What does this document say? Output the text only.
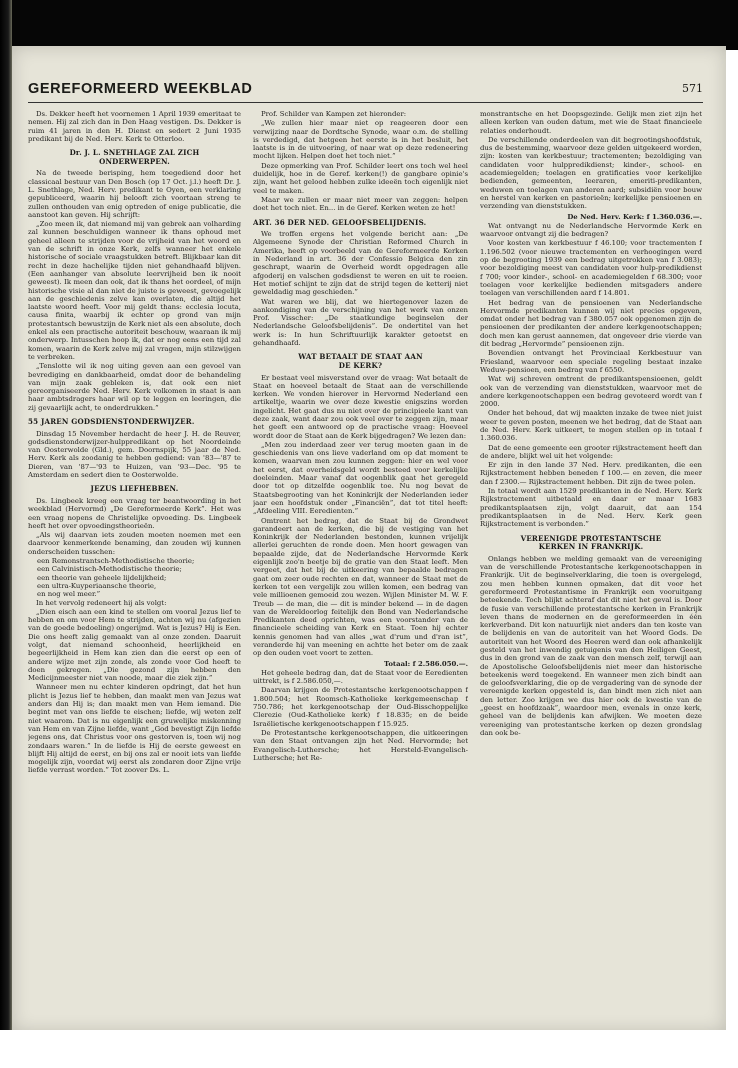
GEREFORMEERD WEEKBLAD	571

Ds. Dekker heeft het voornemen 1 April 1939 emeritaat te nemen. Hij zal zich dan in Den Haag vestigen. Ds. Dekker is ruim 41 jaren in den H. Dienst en sedert 2 Juni 1935 predikant bij de Ned. Herv. Kerk te Otterloo.

Dr. J. L. SNETHLAGE ZAL ZICH
ONDERWERPEN.

Na de tweede berisping, hem toegediend door het classicaal bestuur van Den Bosch (op 17 Oct. j.l.) heeft Dr. J. L. Snethlage, Ned. Herv. predikant te Oyen, een verklaring gepubliceerd, waarin hij belooft zich voortaan streng te zullen onthouden van enig optreden of enige publicatie, die aanstoot kan geven. Hij schrijft:

„Zoo meen ik, dat niemand mij van gebrek aan volharding zal kunnen beschuldigen wanneer ik thans ophoud met geheel alleen te strijden voor de vrijheid van het woord en van de schrift in onze Kerk, zelfs wanneer het enkele historische of sociale vraagstukken betreft. Blijkbaar kan dit recht in deze hachelijke tijden niet gehandhaafd blijven. (Een aanhanger van absolute leervrijheid ben ik nooit geweest). Ik meen dan ook, dat ik thans het oordeel, of mijn historische visie al dan niet de juiste is geweest, gevoegelijk aan de geschiedenis zelve kan overlaten, die altijd het laatste woord heeft. Voor mij geldt thans: ecclesia locuta, causa finita, waarbij ik echter op grond van mijn protestantsch bewustzijn de Kerk niet als een absolute, doch enkel als een practische autoriteit beschouw, waaraan ik mij onderwerp. Intusschen hoop ik, dat er nog eens een tijd zal komen, waarin de Kerk zelve mij zal vragen, mijn stilzwijgen te verbreken.

„Tenslotte wil ik nog uiting geven aan een gevoel van bevrediging en dankbaarheid, omdat door de behandeling van mijn zaak gebleken is, dat ook een niet gereorganiseerde Ned. Herv. Kerk volkomen in staat is aan haar ambtsdragers haar wil op te leggen en leeringen, die zij gevaarlijk acht, te onderdrukken.”

55 JAREN GODSDIENSTONDERWIJZER.

Dinsdag 15 November herdacht de heer J. H. de Reuver, godsdienstonderwijzer-hulppredikant op het Noordeinde van Oosterwolde (Gld.), gem. Doornspijk, 55 jaar de Ned. Herv. Kerk als zoodanig te hebben gediend: van '83—'87 te Dieren, van '87—'93 te Huizen, van '93—Dec. '95 te Amsterdam en sedert dien te Oosterwolde.

JEZUS LIEFHEBBEN.

Ds. Lingbeek kreeg een vraag ter beantwoording in het weekblad (Hervormd) „De Gereformeerde Kerk”. Het was een vraag nopens de Christelijke opvoeding. Ds. Lingbeek heeft het over opvoedingstheorieën.

„Als wij daarvan iets zouden moeten noemen met een daarvoor kenmerkende benaming, dan zouden wij kunnen onderscheiden tusschen:

een Remonstrantsch-Methodistische theorie;

een Calvinistisch-Methodistische theorie;

een theorie van geheele lijdelijkheid;

een ultra-Kuyperiaansche theorie,

en nog wel meer.”

In het vervolg redeneert hij als volgt:

„Dien eisch aan een kind te stellen om vooral Jezus lief te hebben en om voor Hem te strijden, achten wij nu (afgezien van de goede bedoeling) ongerijmd. Wat is Jezus? Hij is Een. Die ons heeft zalig gemaakt van al onze zonden. Daaruit volgt, dat niemand schoonheid, heerlijkheid en begeerlijkheid in Hem kan zien dan die eerst op een of andere wijze met zijn zonde, als zonde voor God heeft te doen gekregen. „Die gezond zijn hebben den Medicijnmeester niet van noode, maar die ziek zijn.”

Wanneer men nu echter kinderen opdringt, dat het hun plicht is Jezus lief te hebben, dan maakt men van Jezus wat anders dan Hij is; dan maakt men van Hem iemand. Die begint met van ons liefde te eischen; liefde, wij weten zelf niet waarom. Dat is nu eigenlijk een gruwelijke miskenning van Hem en van Zijne liefde, want „God bevestigt Zijn liefde jegens ons, dat Christus voor ons gestorven is, toen wij nog zondaars waren.” In de liefde is Hij de eerste geweest en blijft Hij altijd de eerst, en bij ons zal er nooit iets van liefde mogelijk zijn, voordat wij eerst als zondaren door Zijne vrije liefde verrast worden.” Tot zoover Ds. L.

Prof. Schilder van Kampen zet hieronder:

„We zullen hier maar niet op reageeren door een verwijzing naar de Dordtsche Synode, waar o.m. de stelling is verdedigd, dat hetgeen het eerste is in het besluit, het laatste is in de uitvoering, of naar wat op deze redeneering mocht lijken. Helpen doet het toch niet.”

Deze opmerking van Prof. Schilder leert ons toch wel heel duidelijk, hoe in de Geref. kerken(!) de gangbare opinie's zijn, want het gelood hebben zulke ideeën toch eigenlijk niet veel te maken.

Maar we zullen er maar niet meer van zeggen: helpen doet het toch niet. En... in de Geref. Kerken weten ze het!

ART. 36 DER NED. GELOOFSBELIJDENIS.

We troffen ergens het volgende bericht aan: „De Algemeene Synode der Christian Reformed Church in Amerika, heeft op voorbeeld van de Gereformeerde Kerken in Nederland in art. 36 der Confessio Belgica den zin geschrapt, waarin de Overheid wordt opgedragen alle afgoderij en valschen godsdienst te weren en uit te roeien. Het motief schijnt te zijn dat de strijd tegen de ketterij niet geweldadig mag geschieden.”

Wat waren we blij, dat we hiertegenover lazen de aankondiging van de verschijning van het werk van onzen Prof. Visscher: „De staatkundige beginselen der Nederlandsche Geloofsbelijdenis”. De ondertitel van het werk is: In hun Schriftuurlijk karakter getoetst en gehandhaafd.

WAT BETAALT DE STAAT AAN
DE KERK?

Er bestaat veel misverstand over de vraag: Wat betaalt de Staat en hoeveel betaalt de Staat aan de verschillende kerken. We vonden hierover in Hervormd Nederland een artikeltje, waarin we over deze kwestie enigszins worden ingelicht. Het gaat dus nu niet over de principieele kant van deze zaak, want daar zou ook veel over te zeggen zijn, maar het geeft een antwoord op de practische vraag: Hoeveel wordt door de Staat aan de Kerk bijgedragen? We lezen dan:

„Men zou inderdaad zeer ver terug moeten gaan in de geschiedenis van ons lieve vaderland om op dat moment te komen, waarvan men zou kunnen zeggen: hier en wel voor het eerst, dat overheidsgeld wordt besteed voor kerkelijke doeleinden. Maar vanaf dat oogenblik gaat het geregeld door tot op ditzelfde oogenblik toe. Nu nog bevat de Staatsbegrooting van het Koninkrijk der Nederlanden ieder jaar een hoofdstuk onder „Financiën”, dat tot titel heeft: „Afdeeling VIII. Eeredienten.”

Omtrent het bedrag, dat de Staat bij de Grondwet garandeert aan de kerken, die bij de vestiging van het Koninkrijk der Nederlanden bestonden, kunnen vrijelijk allerlei geruchten de ronde doen. Men hoort gewagen van bepaalde zijde, dat de Nederlandsche Hervormde Kerk eigenlijk zoo'n beetje bij de gratie van den Staat leeft. Men vergeet, dat het bij de uitkeering van bepaalde bedragen gaat om zeer oude rechten en dat, wanneer de Staat met de kerken tot een vergelijk zou willen komen, een bedrag van vele millioenen gemoeid zou wezen. Wijlen Minister M. W. F. Treub — de man, die — dit is minder bekend — in de dagen van de Wereldoorlog feitelijk den Bond van Nederlandsche Predikanten deed oprichten, was een voorstander van de financieele scheiding van Kerk en Staat. Toen hij echter kennis genomen had van alles „wat d'rum und d'ran ist”, veranderde hij van meening en achtte het beter om de zaak op den ouden voet voort te zetten.

Totaal: f 2.586.050.—.

Het geheele bedrag dan, dat de Staat voor de Eeredienten uittrekt, is f 2.586.050,—.

Daarvan krijgen de Protestantsche kerkgenootschappen f 1.800.504; het Roomsch-Katholieke kerkgemeenschap f 750.786; het kerkgenootschap der Oud-Bisschoppelijke Clerezie (Oud-Katholieke kerk) f 18.835; en de beide Israëlietische kerkgenootschappen f 15.925.

De Protestantsche kerkgenootschappen, die uitkeeringen van den Staat ontvangen zijn het Ned. Hervormde; het Evangelisch-Luthersche; het Hersteld-Evangelisch-Luthersche; het Re-

monstrantsche en het Doopsgezinde. Gelijk men ziet zijn het alleen kerken van ouden datum, met wie de Staat financieele relaties onderhoudt.

De verschillende onderdeelen van dit begrootingshoofdstuk, dus de bestemming, waarvoor deze gelden uitgekeerd worden, zijn: kosten van kerkbestuur; tractementen; bezoldiging van candidaten voor hulppredikdienst; kinder-, school- en academiegelden; toelagen en gratificaties voor kerkelijke bedienden, gemeenten, leeraren, emeriti-predikanten, weduwen en toelagen van anderen aard; subsidiën voor bouw en herstel van kerken en pastorieën; kerkelijke pensioenen en verzending van dienststukken.

De Ned. Herv. Kerk: f 1.360.036.—.

Wat ontvangt nu de Nederlandsche Hervormde Kerk en waarvoor ontvangt zij die bedragen?

Voor kosten van kerkbestuur f 46.100; voor tractementen f 1.196.502 (voor nieuwe tractementen en verhoogingen werd op de begrooting 1939 een bedrag uitgetrokken van f 3.083); voor bezoldiging meest van candidaten voor hulp-predikdienst f 700; voor kinder-, school- en academiegelden f 68.300; voor toelagen voor kerkelijke bedienden mitsgaders andere toelagen van verschillenden aard f 14.801.

Het bedrag van de pensioenen van Nederlandsche Hervormde predikanten kunnen wij niet precies opgeven, omdat onder het bedrag van f 380.057 ook opgenomen zijn de pensioenen der predikanten der andere kerkgenootschappen; doch men kan gerust aannemen, dat ongeveer drie vierde van dit bedrag „Hervormde” pensioenen zijn.

Bovendien ontvangt het Provinciaal Kerkbestuur van Friesland, waarvoor een speciale regeling bestaat inzake Weduw-pensioen, een bedrag van f 6550.

Wat wij schreven omtrent de predikantspensioenen, geldt ook van de verzending van dienststukken, waarvoor met de andere kerkgenootschappen een bedrag gevoteerd wordt van f 2000.

Onder het behoud, dat wij maakten inzake de twee niet juist weer te geven posten, meenen we het bedrag, dat de Staat aan de Ned. Herv. Kerk uitkeert, te mogen stellen op in totaal f 1.360.036.

Dat de eene gemeente een grooter rijkstractement heeft dan de andere, blijkt wel uit het volgende:

Er zijn in den lande 37 Ned. Herv. predikanten, die een Rijkstractement hebben beneden f 100.— en zeven, die meer dan f 2300.— Rijkstractement hebben. Dit zijn de twee polen.

In totaal wordt aan 1529 predikanten in de Ned. Herv. Kerk Rijkstractement uitbetaald en daar er maar 1683 predikantsplaatsen zijn, volgt daaruit, dat aan 154 predikantsplaatsen in de Ned. Herv. Kerk geen Rijkstractement is verbonden.”

VEREENIGDE PROTESTANTSCHE
KERKEN IN FRANKRIJK.

Onlangs hebben we melding gemaakt van de vereeniging van de verschillende Protestantsche kerkgenootschappen in Frankrijk. Uit de beginselverklaring, die toen is overgelegd, zou men hebben kunnen opmaken, dat dit voor het gereformeerd Protestantisme in Frankrijk een vooruitgang beteekende. Toch blijkt achteraf dat dit niet het geval is. Door de fusie van verschillende protestantsche kerken in Frankrijk leven thans de modernen en de gereformeerden in één kerkverband. Dit kon natuurlijk niet anders dan ten koste van de belijdenis en van de autoriteit van het Woord Gods. De autoriteit van het Woord des Heeren werd dan ook afhankelijk gesteld van het inwendig getuigenis van den Heiligen Geest, dus in den grond van de zaak van den mensch zelf, terwijl aan de Apostolische Geloofsbelijdenis niet meer dan historische beteekenis werd toegekend. En wanneer men zich bindt aan de geloofsverklaring, die op de vergadering van de synode der vereenigde kerken opgesteld is, dan bindt men zich niet aan den letter. Zoo krijgen we dus hier ook de kwestie van de „geest en hoofdzaak”, waardoor men, evenals in onze kerk, geheel van de belijdenis kan afwijken. We moeten deze vereeniging van protestantsche kerken op dezen grondslag dan ook be-
